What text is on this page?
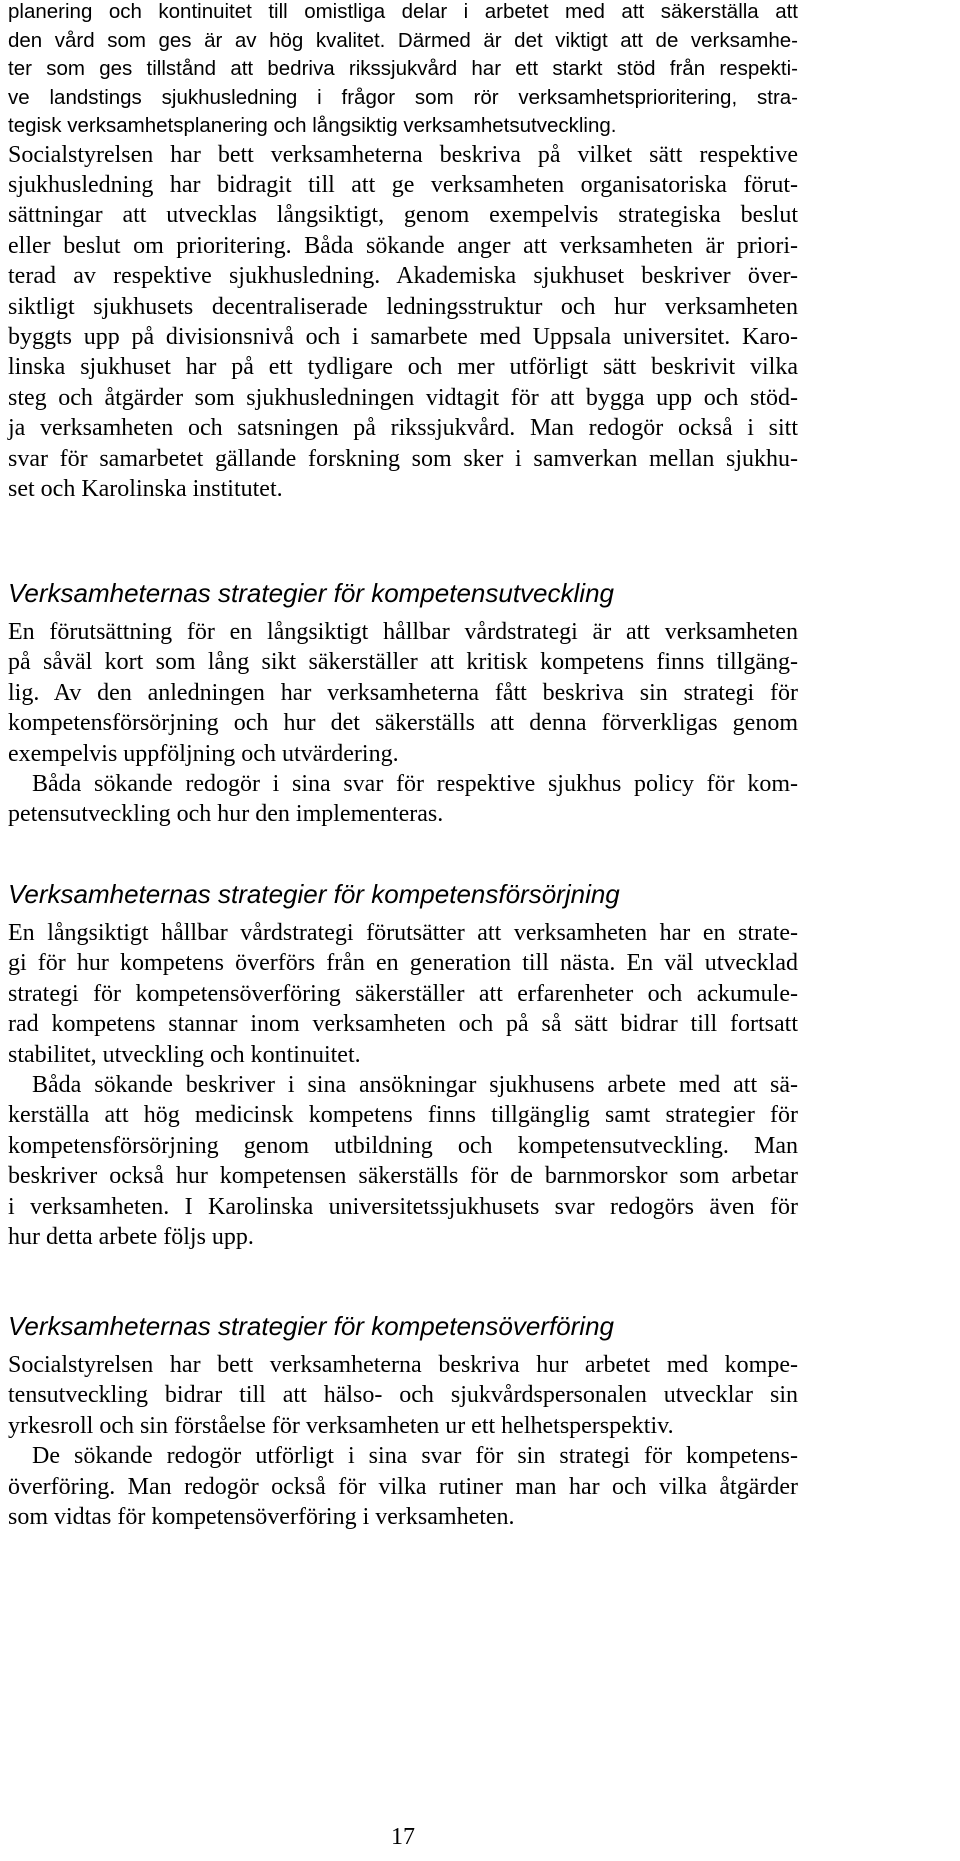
planering och kontinuitet till omistliga delar i arbetet med att säkerställa att

den vård som ges är av hög kvalitet. Därmed är det viktigt att de verksamhe-

ter som ges tillstånd att bedriva rikssjukvård har ett starkt stöd från respekti-

ve landstings sjukhusledning i frågor som rör verksamhetsprioritering, stra-

tegisk verksamhetsplanering och långsiktig verksamhetsutveckling.

Socialstyrelsen har bett verksamheterna beskriva på vilket sätt respektive

sjukhusledning har bidragit till att ge verksamheten organisatoriska förut-

sättningar att utvecklas långsiktigt, genom exempelvis strategiska beslut

eller beslut om prioritering. Båda sökande anger att verksamheten är priori-

terad av respektive sjukhusledning. Akademiska sjukhuset beskriver över-

siktligt sjukhusets decentraliserade ledningsstruktur och hur verksamheten

byggts upp på divisionsnivå och i samarbete med Uppsala universitet. Karo-

linska sjukhuset har på ett tydligare och mer utförligt sätt beskrivit vilka

steg och åtgärder som sjukhusledningen vidtagit för att bygga upp och stöd-

ja verksamheten och satsningen på rikssjukvård. Man redogör också i sitt

svar för samarbetet gällande forskning som sker i samverkan mellan sjukhu-

set och Karolinska institutet.

Verksamheternas strategier för kompetensutveckling

En förutsättning för en långsiktigt hållbar vårdstrategi är att verksamheten

på såväl kort som lång sikt säkerställer att kritisk kompetens finns tillgäng-

lig. Av den anledningen har verksamheterna fått beskriva sin strategi för

kompetensförsörjning och hur det säkerställs att denna förverkligas genom

exempelvis uppföljning och utvärdering.

Båda sökande redogör i sina svar för respektive sjukhus policy för kom-

petensutveckling och hur den implementeras.

Verksamheternas strategier för kompetensförsörjning

En långsiktigt hållbar vårdstrategi förutsätter att verksamheten har en strate-

gi för hur kompetens överförs från en generation till nästa. En väl utvecklad

strategi för kompetensöverföring säkerställer att erfarenheter och ackumule-

rad kompetens stannar inom verksamheten och på så sätt bidrar till fortsatt

stabilitet, utveckling och kontinuitet.

Båda sökande beskriver i sina ansökningar sjukhusens arbete med att sä-

kerställa att hög medicinsk kompetens finns tillgänglig samt strategier för

kompetensförsörjning genom utbildning och kompetensutveckling. Man

beskriver också hur kompetensen säkerställs för de barnmorskor som arbetar

i verksamheten. I Karolinska universitetssjukhusets svar redogörs även för

hur detta arbete följs upp.

Verksamheternas strategier för kompetensöverföring

Socialstyrelsen har bett verksamheterna beskriva hur arbetet med kompe-

tensutveckling bidrar till att hälso- och sjukvårdspersonalen utvecklar sin

yrkesroll och sin förståelse för verksamheten ur ett helhetsperspektiv.

De sökande redogör utförligt i sina svar för sin strategi för kompetens-

överföring. Man redogör också för vilka rutiner man har och vilka åtgärder

som vidtas för kompetensöverföring i verksamheten.

17
